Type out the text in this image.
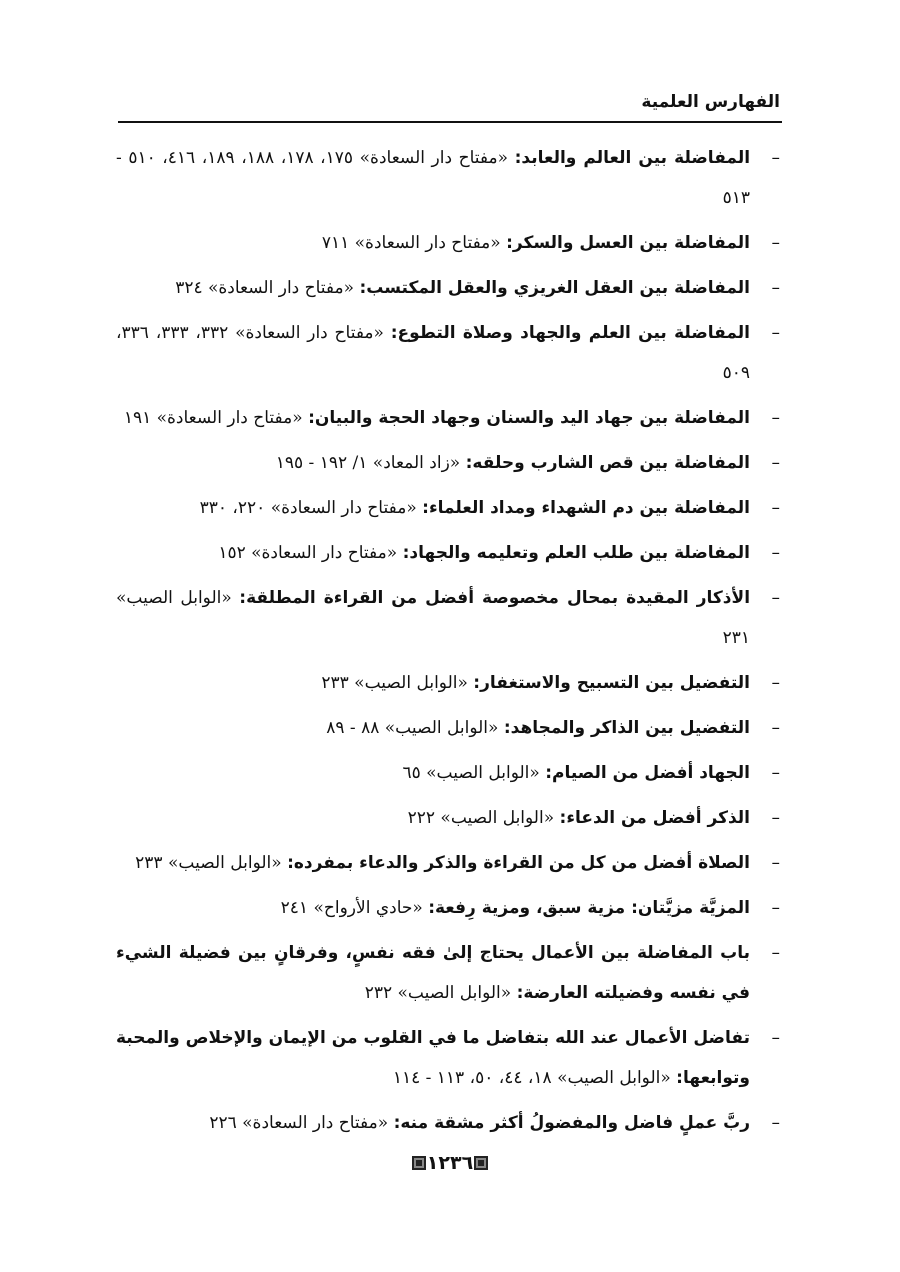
الفهارس العلمية
–
المفاضلة بين العالم والعابد: «مفتاح دار السعادة» ١٧٥، ١٧٨، ١٨٨، ١٨٩، ٤١٦، ٥١٠ - ٥١٣
–
المفاضلة بين العسل والسكر: «مفتاح دار السعادة» ٧١١
–
المفاضلة بين العقل الغريزي والعقل المكتسب: «مفتاح دار السعادة» ٣٢٤
–
المفاضلة بين العلم والجهاد وصلاة التطوع: «مفتاح دار السعادة» ٣٣٢، ٣٣٣، ٣٣٦، ٥٠٩
–
المفاضلة بين جهاد اليد والسنان وجهاد الحجة والبيان: «مفتاح دار السعادة» ١٩١
–
المفاضلة بين قص الشارب وحلقه: «زاد المعاد» ١/ ١٩٢ - ١٩٥
–
المفاضلة بين دم الشهداء ومداد العلماء: «مفتاح دار السعادة» ٢٢٠، ٣٣٠
–
المفاضلة بين طلب العلم وتعليمه والجهاد: «مفتاح دار السعادة» ١٥٢
–
الأذكار المقيدة بمحال مخصوصة أفضل من القراءة المطلقة: «الوابل الصيب» ٢٣١
–
التفضيل بين التسبيح والاستغفار: «الوابل الصيب» ٢٣٣
–
التفضيل بين الذاكر والمجاهد: «الوابل الصيب» ٨٨ - ٨٩
–
الجهاد أفضل من الصيام: «الوابل الصيب» ٦٥
–
الذكر أفضل من الدعاء: «الوابل الصيب» ٢٢٢
–
الصلاة أفضل من كل من القراءة والذكر والدعاء بمفرده: «الوابل الصيب» ٢٣٣
–
المزيَّة مزيَّتان: مزية سبق، ومزية رِفعة: «حادي الأرواح» ٢٤١
–
باب المفاضلة بين الأعمال يحتاج إلىٰ فقه نفسٍ، وفرقانٍ بين فضيلة الشيء في نفسه وفضيلته العارضة: «الوابل الصيب» ٢٣٢
–
تفاضل الأعمال عند الله بتفاضل ما في القلوب من الإيمان والإخلاص والمحبة وتوابعها: «الوابل الصيب» ١٨، ٤٤، ٥٠، ١١٣ - ١١٤
–
ربَّ عملٍ فاضل والمفضولُ أكثر مشقة منه: «مفتاح دار السعادة» ٢٢٦
١٢٣٦
